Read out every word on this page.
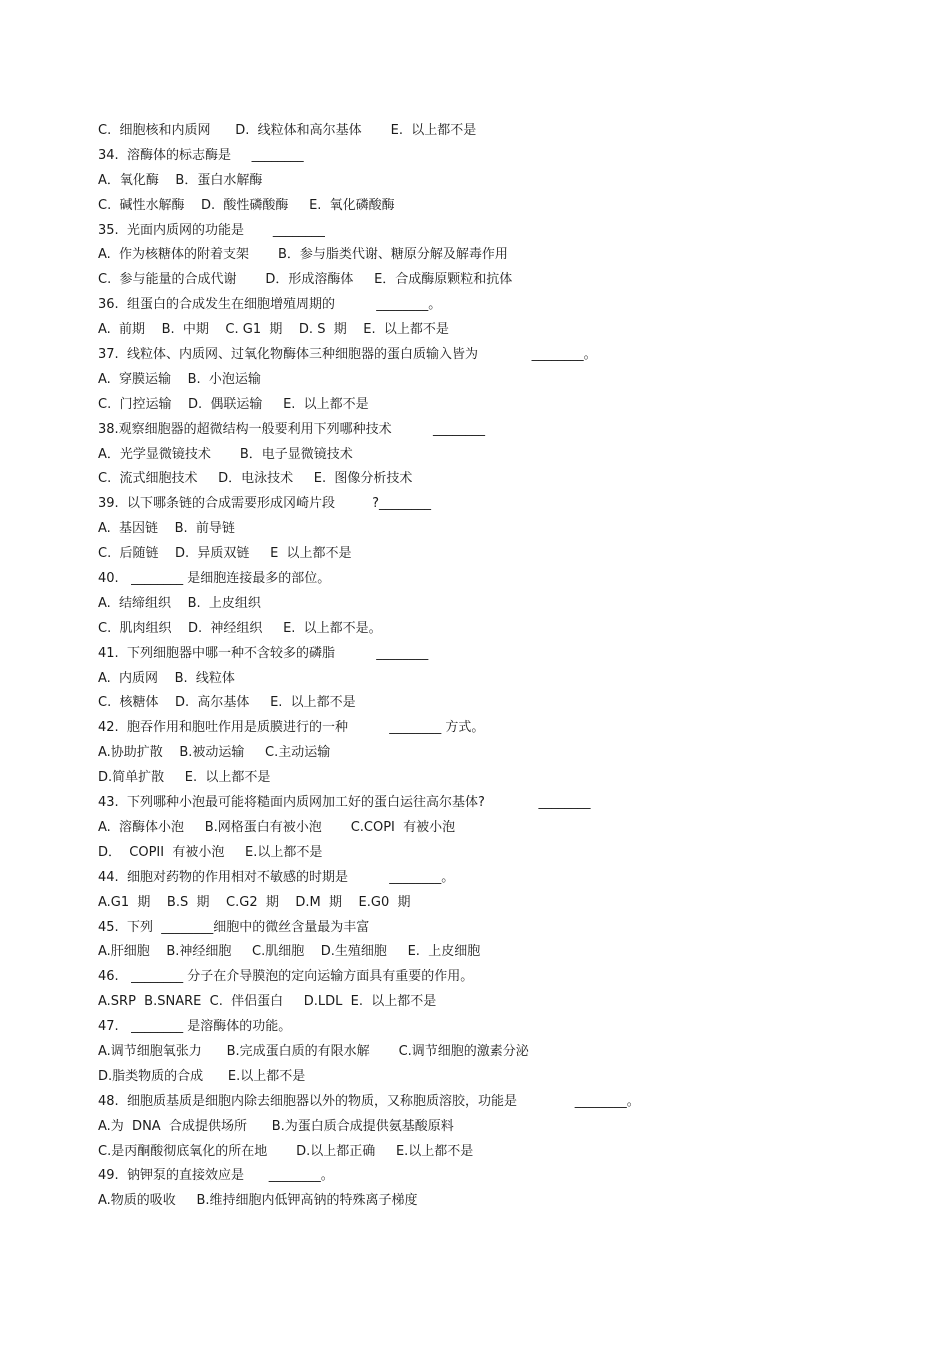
C.  细胞核和内质网      D.  线粒体和高尔基体       E.  以上都不是
34.  溶酶体的标志酶是     ________
A．氧化酶    B．蛋白水解酶
C.  碱性水解酶    D.  酸性磷酸酶     E.  氧化磷酸酶
35.  光面内质网的功能是       ________
A.  作为核糖体的附着支架       B．参与脂类代谢、糖原分解及解毒作用
C.  参与能量的合成代谢       D．形成溶酶体     E．合成酶原颗粒和抗体
36.  组蛋白的合成发生在细胞增殖周期的          ________。
A.  前期    B.  中期    C. G1  期    D. S  期    E.  以上都不是
37.  线粒体、内质网、过氧化物酶体三种细胞器的蛋白质输入皆为             ________。
A.  穿膜运输    B.  小泡运输
C.  门控运输    D.  偶联运输     E.  以上都不是
38.观察细胞器的超微结构一般要利用下列哪种技术          ________
A．光学显微镜技术       B．电子显微镜技术
C.  流式细胞技术     D．电泳技术     E.  图像分析技术
39.  以下哪条链的合成需要形成冈崎片段         ?________
A.  基因链    B.  前导链
C.  后随链    D.  异质双链     E  以上都不是
40.   ________ 是细胞连接最多的部位。
A.  结缔组织    B.  上皮组织
C.  肌肉组织    D.  神经组织     E.  以上都不是。
41.  下列细胞器中哪一种不含较多的磷脂          ________
A.  内质网    B.  线粒体
C.  核糖体    D.  高尔基体     E.  以上都不是
42.  胞吞作用和胞吐作用是质膜进行的一种          ________ 方式。
A.协助扩散    B.被动运输     C.主动运输
D.简单扩散     E.  以上都不是
43.  下列哪种小泡最可能将糙面内质网加工好的蛋白运往高尔基体?             ________
A.  溶酶体小泡     B.网格蛋白有被小泡       C.COPI  有被小泡
D．  COPII  有被小泡     E.以上都不是
44.  细胞对药物的作用相对不敏感的时期是          ________。
A.G1  期    B.S  期    C.G2  期    D.M  期    E.G0  期
45.  下列  ________细胞中的微丝含量最为丰富
A.肝细胞    B.神经细胞     C.肌细胞    D.生殖细胞     E.  上皮细胞
46.   ________ 分子在介导膜泡的定向运输方面具有重要的作用。
A.SRP  B.SNARE  C.  伴侣蛋白     D.LDL  E.  以上都不是
47.   ________ 是溶酶体的功能。
A.调节细胞氧张力      B.完成蛋白质的有限水解       C.调节细胞的激素分泌
D.脂类物质的合成      E.以上都不是
48.  细胞质基质是细胞内除去细胞器以外的物质，又称胞质溶胶，功能是              ________。
A.为  DNA  合成提供场所      B.为蛋白质合成提供氨基酸原料
C.是丙酮酸彻底氧化的所在地       D.以上都正确     E.以上都不是
49.  钠钾泵的直接效应是      ________。
A.物质的吸收     B.维持细胞内低钾高钠的特殊离子梯度
